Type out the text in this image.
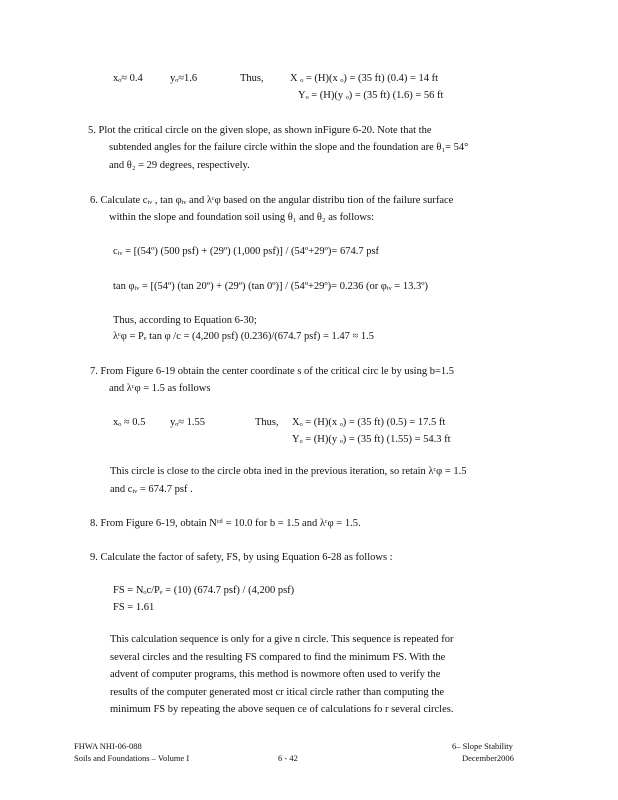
xₒ≈ 0.4	yₒ≈1.6	Thus,	X ₒ = (H)(x ₒ) = (35 ft) (0.4) = 14 ft
Yₒ = (H)(y ₒ) = (35 ft) (1.6) = 56 ft
5. Plot the critical circle on the given slope, as shown inFigure 6-20. Note that the
subtended angles for the failure circle within the slope and the foundation are θ₁= 54°
and θ₂ = 29 degrees, respectively.
6. Calculate cᵢᵥ , tan φᵢᵥ and λᶜφ based on the angular distribu tion of the failure surface
within the slope and foundation soil using θ₁ and θ₂ as follows:
cᵢᵥ = [(54º) (500 psf) + (29º) (1,000 psf)] / (54º+29º)= 674.7 psf
tan φᵢᵥ = [(54º) (tan 20º) + (29º) (tan 0º)] / (54º+29º)= 0.236 (or φᵢᵥ = 13.3º)
Thus, according to Equation 6-30;
λᶜφ = Pₑ tan φ /c = (4,200 psf) (0.236)/(674.7 psf) = 1.47 ≈ 1.5
7. From Figure 6-19 obtain the center coordinate s of the critical circ le by using b=1.5
and λᶜφ = 1.5 as follows
xₒ ≈ 0.5 yₒ≈ 1.55	Thus, Xₒ = (H)(x ₒ) = (35 ft) (0.5) = 17.5 ft
Yₒ = (H)(y ₒ) = (35 ft) (1.55) = 54.3 ft
This circle is close to the circle obta ined in the previous iteration, so retain λᶜφ = 1.5
and cᵢᵥ = 674.7 psf .
8. From Figure 6-19, obtain Nᶜᵈ = 10.0 for b = 1.5 and λᶜφ = 1.5.
9. Calculate the factor of safety, FS, by using Equation 6-28 as follows :
FS = Nₒc/Pₑ = (10) (674.7 psf) / (4,200 psf)
FS = 1.61
This calculation sequence is only for a give n circle. This sequence is repeated for
several circles and the resulting FS compared to find the minimum FS. With the
advent of computer programs, this method is nowmore often used to verify the
results of the computer generated most cr itical circle rather than computing the
minimum FS by repeating the above sequen ce of calculations fo r several circles.
FHWA NHI-06-088
Soils and Foundations – Volume I	6 - 42
6– Slope Stability
December2006
